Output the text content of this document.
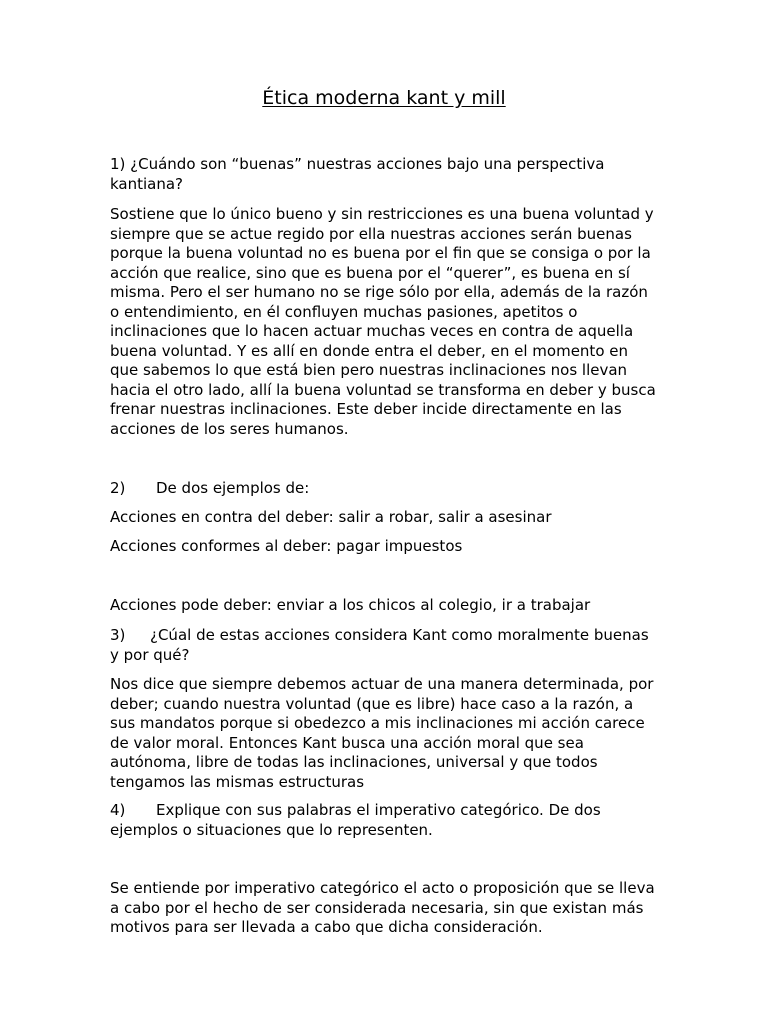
Ética moderna kant y mill

1) ¿Cuándo son “buenas” nuestras acciones bajo una perspectiva kantiana?

Sostiene que lo único bueno y sin restricciones es una buena voluntad y siempre que se actue regido por ella nuestras acciones serán buenas porque la buena voluntad no es buena por el fin que se consiga o por la acción que realice, sino que es buena por el “querer”, es buena en sí misma. Pero el ser humano no se rige sólo por ella, además de la razón o entendimiento, en él confluyen muchas pasiones, apetitos o inclinaciones que lo hacen actuar muchas veces en contra de aquella buena voluntad. Y es allí en donde entra el deber, en el momento en que sabemos lo que está bien pero nuestras inclinaciones nos llevan hacia el otro lado, allí la buena voluntad se transforma en deber y busca frenar nuestras inclinaciones. Este deber incide directamente en las acciones de los seres humanos.

2) De dos ejemplos de:

Acciones en contra del deber: salir a robar, salir a asesinar

Acciones conformes al deber: pagar impuestos

Acciones pode deber: enviar a los chicos al colegio, ir a trabajar

3) ¿Cúal de estas acciones considera Kant como moralmente buenas y por qué?

Nos dice que siempre debemos actuar de una manera determinada, por deber; cuando nuestra voluntad (que es libre) hace caso a la razón, a sus mandatos porque si obedezco a mis inclinaciones mi acción carece de valor moral. Entonces Kant busca una acción moral que sea autónoma, libre de todas las inclinaciones, universal y que todos tengamos las mismas estructuras

4) Explique con sus palabras el imperativo categórico. De dos ejemplos o situaciones que lo representen.

Se entiende por imperativo categórico el acto o proposición que se lleva a cabo por el hecho de ser considerada necesaria, sin que existan más motivos para ser llevada a cabo que dicha consideración.
